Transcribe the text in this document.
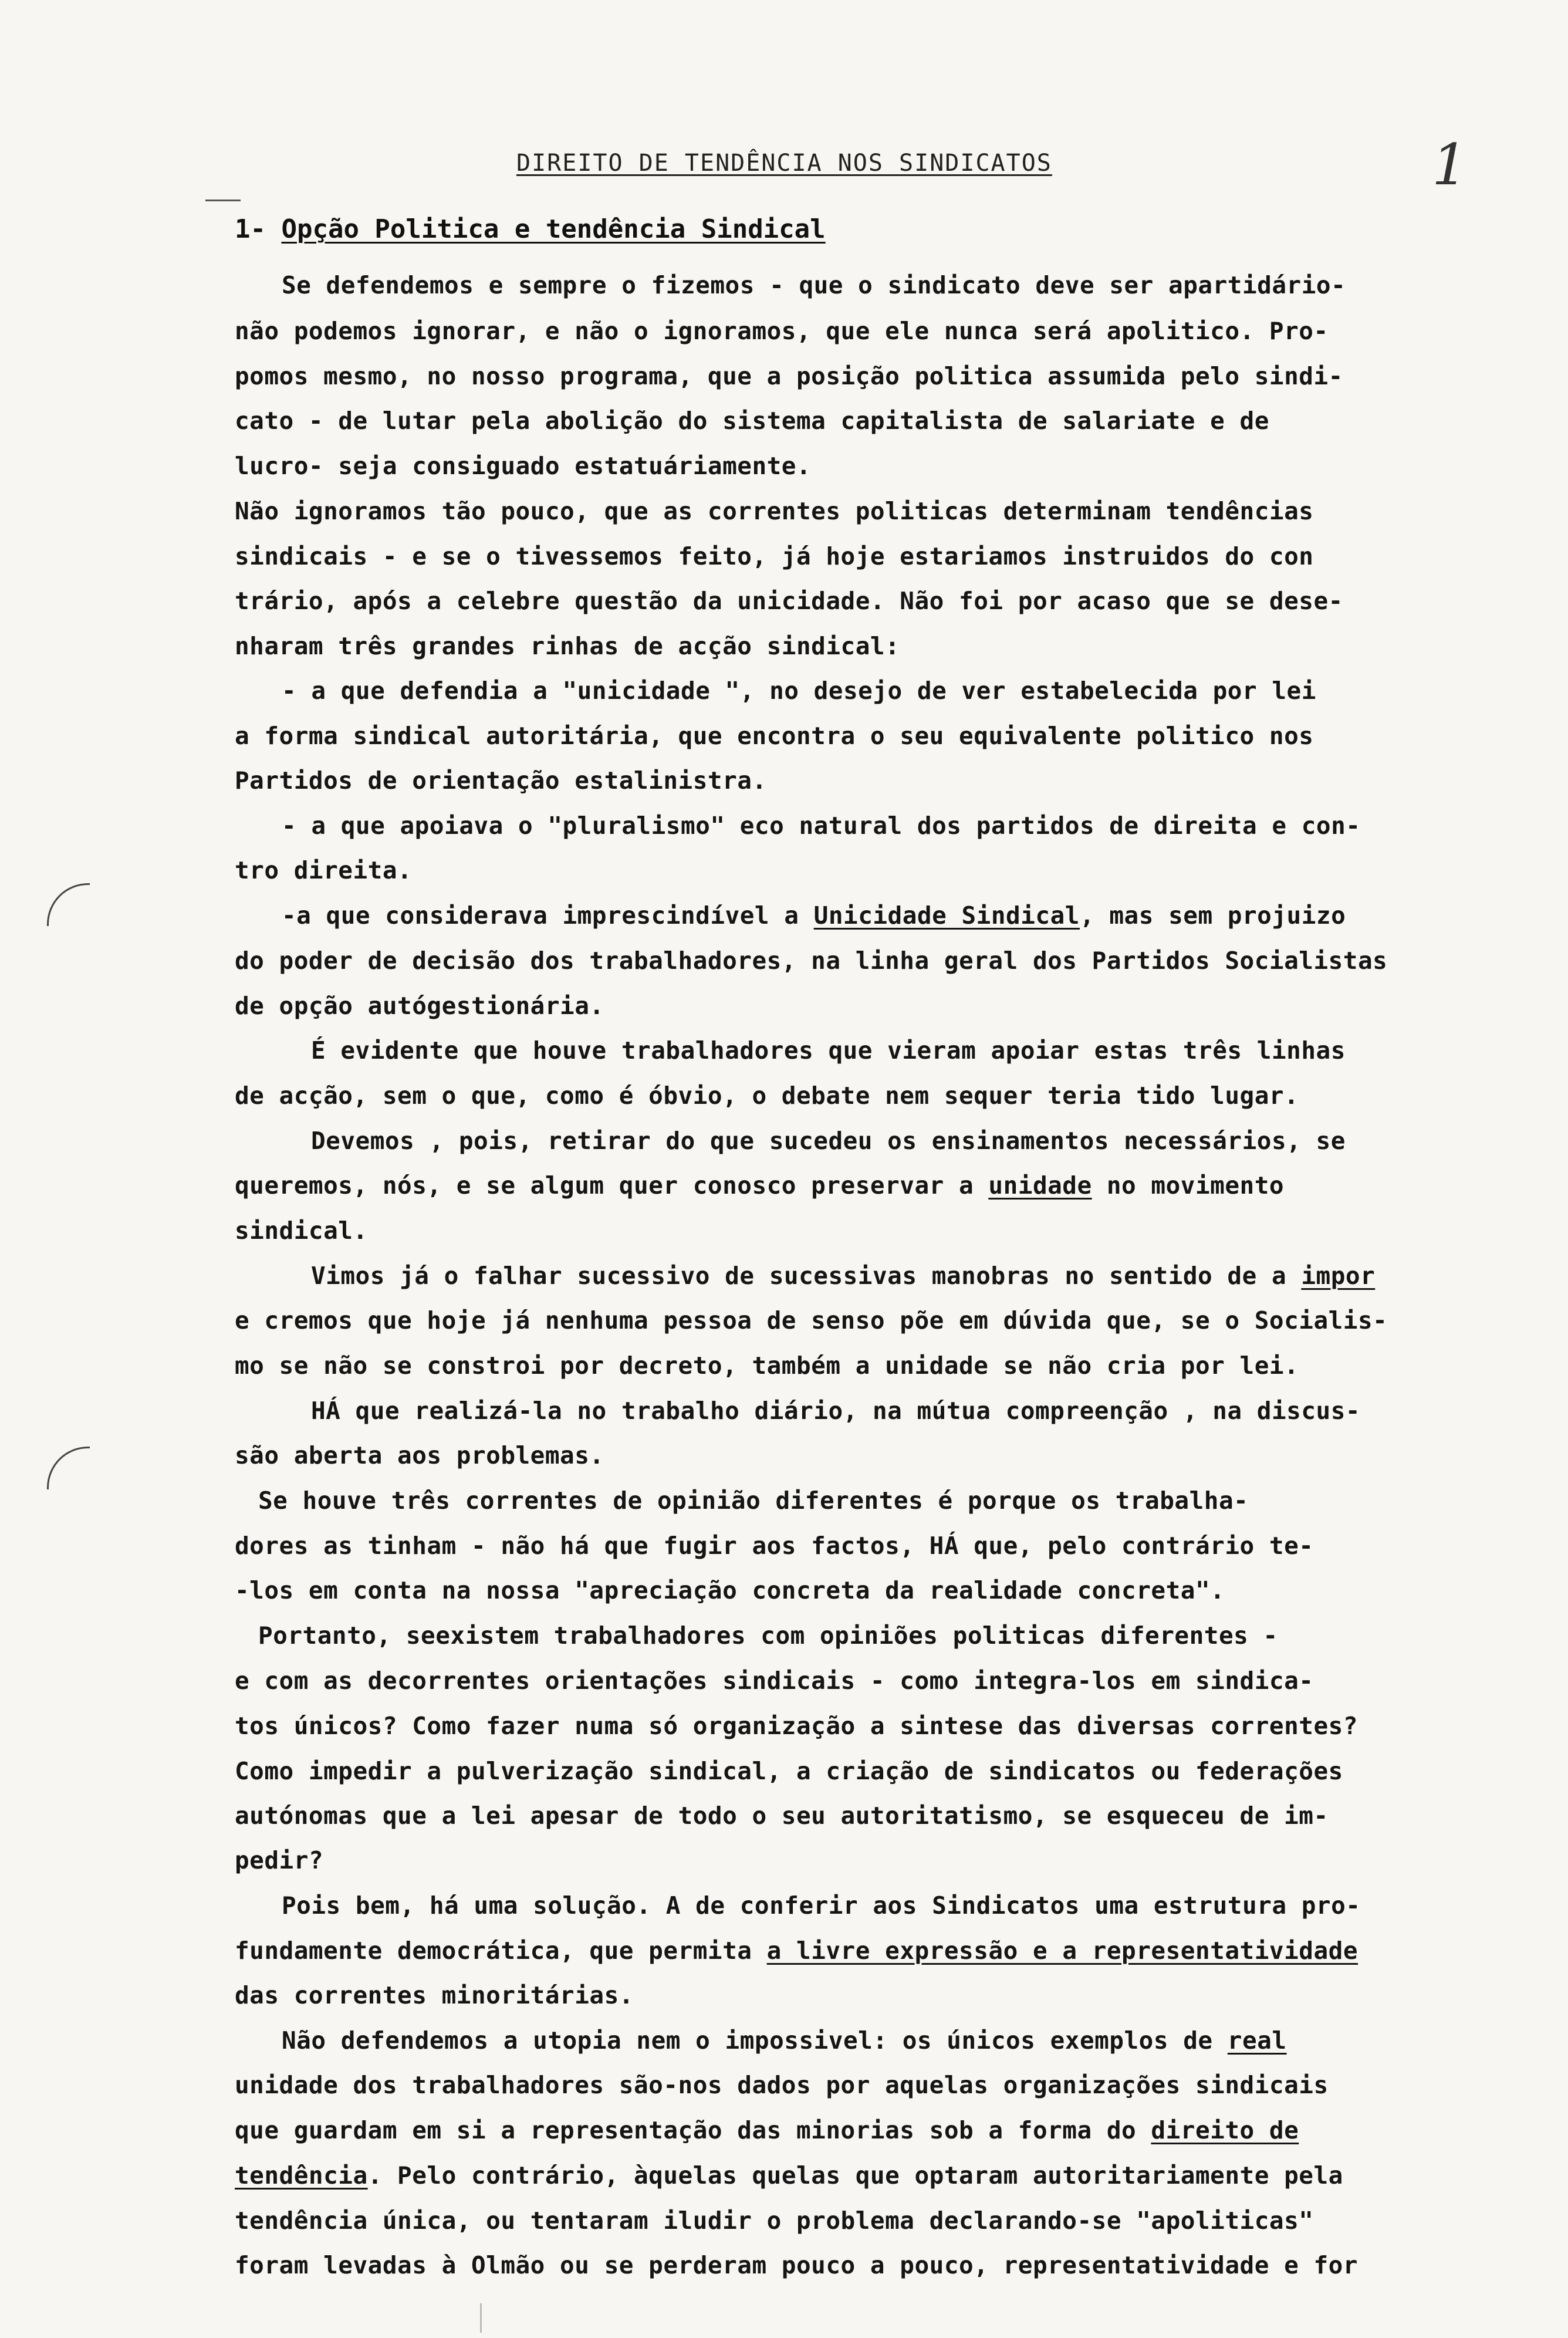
DIREITO DE TENDÊNCIA NOS SINDICATOS	1
1- Opção Politica e tendência Sindical
Se defendemos e sempre o fizemos - que o sindicato deve ser apartidário-
não podemos ignorar, e não o ignoramos, que ele nunca será apolitico. Pro-
pomos mesmo, no nosso programa, que a posição politica assumida pelo sindi-
cato - de lutar pela abolição do sistema capitalista de salariate e de
lucro- seja consiguado estatuáriamente.
Não ignoramos tão pouco, que as correntes politicas determinam tendências
sindicais - e se o tivessemos feito, já hoje estariamos instruidos do con
trário, após a celebre questão da unicidade. Não foi por acaso que se dese-
nharam três grandes rinhas de acção sindical:
- a que defendia a "unicidade ", no desejo de ver estabelecida por lei
a forma sindical autoritária, que encontra o seu equivalente politico nos
Partidos de orientação estalinistra.
- a que apoiava o "pluralismo" eco natural dos partidos de direita e con-
tro direita.
-a que considerava imprescindível a Unicidade Sindical, mas sem projuizo
do poder de decisão dos trabalhadores, na linha geral dos Partidos Socialistas
de opção autógestionária.
É evidente que houve trabalhadores que vieram apoiar estas três linhas
de acção, sem o que, como é óbvio, o debate nem sequer teria tido lugar.
Devemos , pois, retirar do que sucedeu os ensinamentos necessários, se
queremos, nós, e se algum quer conosco preservar a unidade no movimento
sindical.
Vimos já o falhar sucessivo de sucessivas manobras no sentido de a impor
e cremos que hoje já nenhuma pessoa de senso põe em dúvida que, se o Socialis-
mo se não se constroi por decreto, também a unidade se não cria por lei.
HÁ que realizá-la no trabalho diário, na mútua compreenção , na discus-
são aberta aos problemas.
Se houve três correntes de opinião diferentes é porque os trabalha-
dores as tinham - não há que fugir aos factos, HÁ que, pelo contrário te-
-los em conta na nossa "apreciação concreta da realidade concreta".
Portanto, seexistem trabalhadores com opiniões politicas diferentes -
e com as decorrentes orientações sindicais - como integra-los em sindica-
tos únicos? Como fazer numa só organização a sintese das diversas correntes?
Como impedir a pulverização sindical, a criação de sindicatos ou federações
autónomas que a lei apesar de todo o seu autoritatismo, se esqueceu de im-
pedir?
Pois bem, há uma solução. A de conferir aos Sindicatos uma estrutura pro-
fundamente democrática, que permita a livre expressão e a representatividade
das correntes minoritárias.
Não defendemos a utopia nem o impossivel: os únicos exemplos de real
unidade dos trabalhadores são-nos dados por aquelas organizações sindicais
que guardam em si a representação das minorias sob a forma do direito de
tendência. Pelo contrário, àquelas quelas que optaram autoritariamente pela
tendência única, ou tentaram iludir o problema declarando-se "apoliticas"
foram levadas à Olmão ou se perderam pouco a pouco, representatividade e for
